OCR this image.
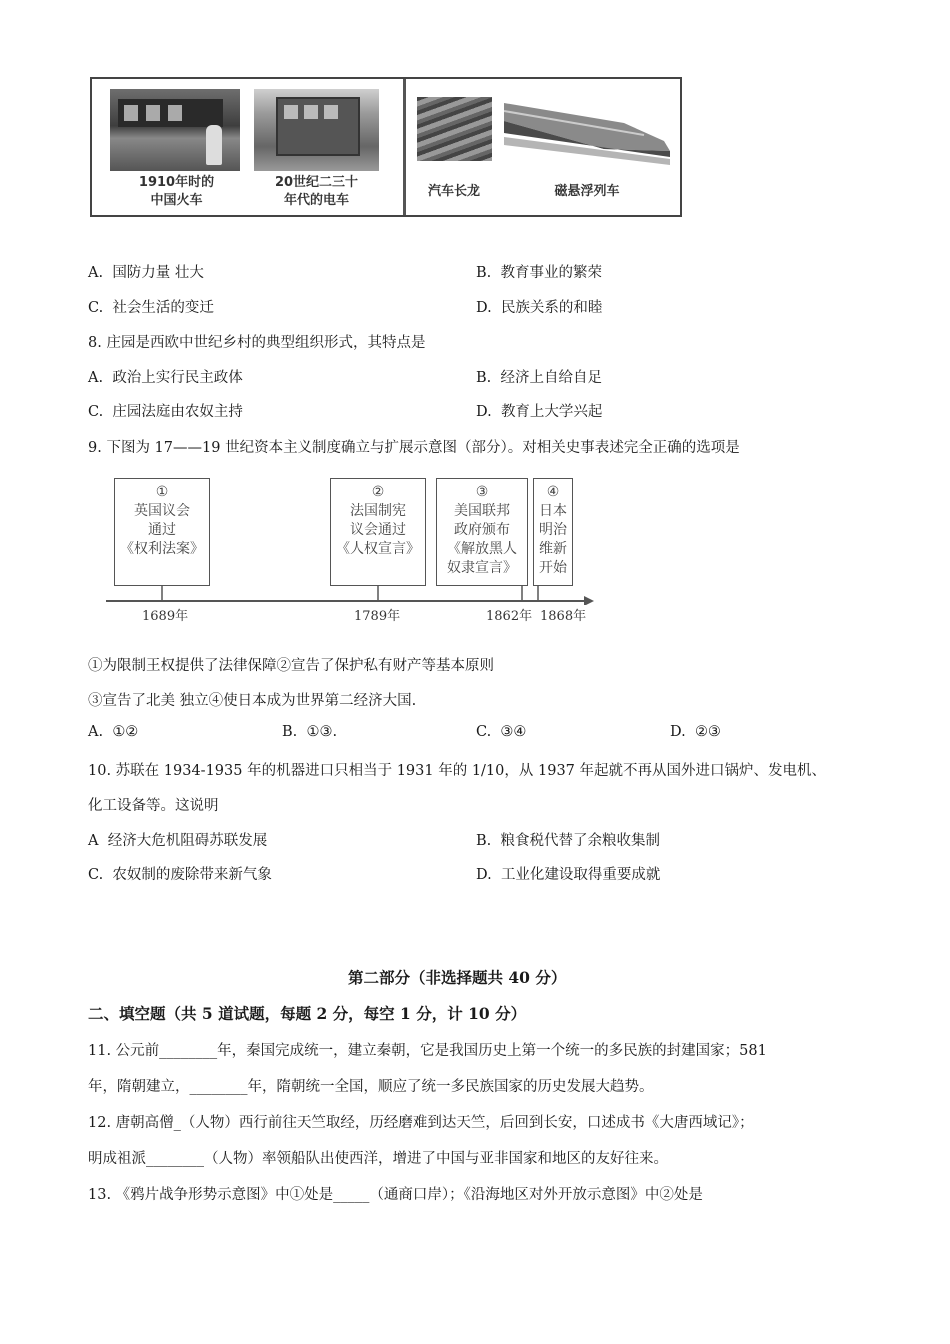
1910年时的
中国火车
20世纪二三十
年代的电车
汽车长龙	磁悬浮列车
A. 国防力量 壮大	B. 教育事业的繁荣
C. 社会生活的变迁	D. 民族关系的和睦
8. 庄园是西欧中世纪乡村的典型组织形式，其特点是
A. 政治上实行民主政体	B. 经济上自给自足
C. 庄园法庭由农奴主持	D. 教育上大学兴起
9. 下图为 17——19 世纪资本主义制度确立与扩展示意图（部分）。对相关史事表述完全正确的选项是
①
英国议会
通过
《权利法案》
②
法国制宪
议会通过
《人权宣言》
③
美国联邦
政府颁布
《解放黑人
奴隶宣言》
④
日本
明治
维新
开始
1689年	1789年	1862年 1868年
①为限制王权提供了法律保障②宣告了保护私有财产等基本原则
③宣告了北美 独立④使日本成为世界第二经济大国.
A. ①②	B. ①③.	C. ③④	D. ②③
10. 苏联在 1934-1935 年的机器进口只相当于 1931 年的 1/10，从 1937 年起就不再从国外进口锅炉、发电机、
化工设备等。这说明
A 经济大危机阻碍苏联发展	B. 粮食税代替了余粮收集制
C. 农奴制的废除带来新气象	D. 工业化建设取得重要成就
第二部分（非选择题共 40 分）
二、填空题（共 5 道试题，每题 2 分，每空 1 分，计 10 分）
11. 公元前________年，秦国完成统一，建立秦朝，它是我国历史上第一个统一的多民族的封建国家；581
年，隋朝建立，________年，隋朝统一全国，顺应了统一多民族国家的历史发展大趋势。
12. 唐朝高僧_（人物）西行前往天竺取经，历经磨难到达天竺，后回到长安，口述成书《大唐西域记》；
明成祖派________（人物）率领船队出使西洋，增进了中国与亚非国家和地区的友好往来。
13. 《鸦片战争形势示意图》中①处是_____（通商口岸）；《沿海地区对外开放示意图》中②处是
